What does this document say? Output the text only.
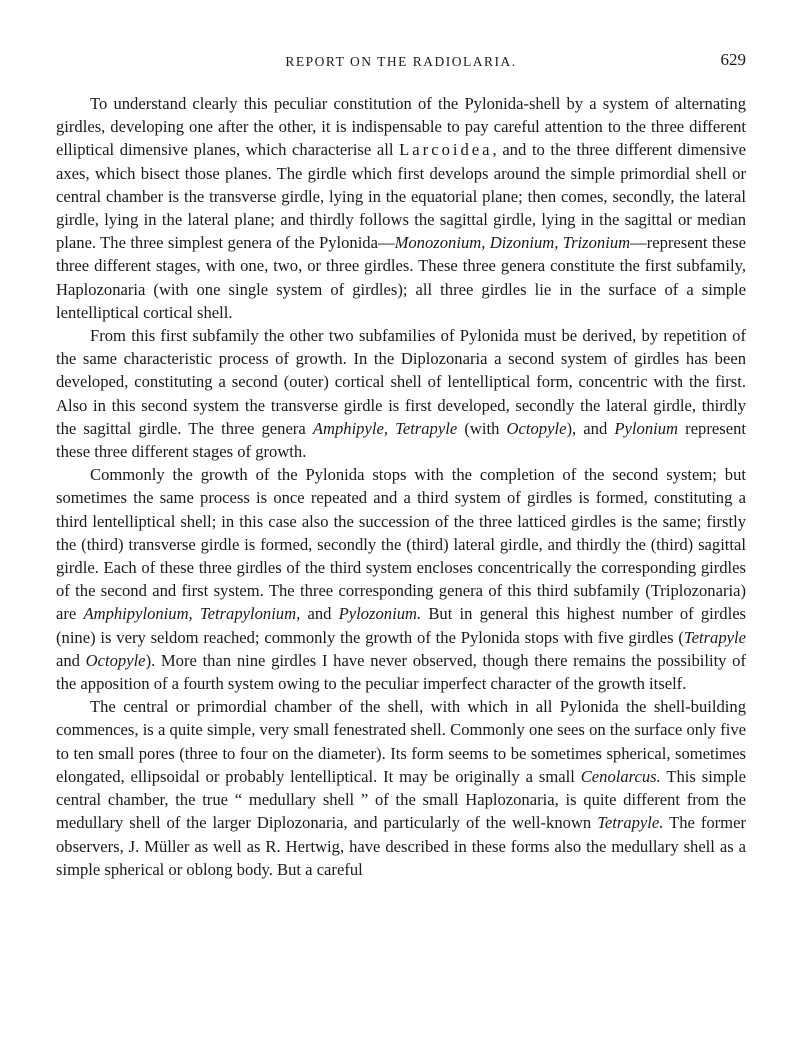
REPORT ON THE RADIOLARIA.	629

To understand clearly this peculiar constitution of the Pylonida-shell by a system of alternating girdles, developing one after the other, it is indispensable to pay careful attention to the three different elliptical dimensive planes, which characterise all Larcoidea, and to the three different dimensive axes, which bisect those planes. The girdle which first develops around the simple primordial shell or central chamber is the transverse girdle, lying in the equatorial plane; then comes, secondly, the lateral girdle, lying in the lateral plane; and thirdly follows the sagittal girdle, lying in the sagittal or median plane. The three simplest genera of the Pylonida—Monozonium, Dizonium, Trizonium—represent these three different stages, with one, two, or three girdles. These three genera constitute the first subfamily, Haplozonaria (with one single system of girdles); all three girdles lie in the surface of a simple lentelliptical cortical shell.

From this first subfamily the other two subfamilies of Pylonida must be derived, by repetition of the same characteristic process of growth. In the Diplozonaria a second system of girdles has been developed, constituting a second (outer) cortical shell of lentelliptical form, concentric with the first. Also in this second system the transverse girdle is first developed, secondly the lateral girdle, thirdly the sagittal girdle. The three genera Amphipyle, Tetrapyle (with Octopyle), and Pylonium represent these three different stages of growth.

Commonly the growth of the Pylonida stops with the completion of the second system; but sometimes the same process is once repeated and a third system of girdles is formed, constituting a third lentelliptical shell; in this case also the succession of the three latticed girdles is the same; firstly the (third) transverse girdle is formed, secondly the (third) lateral girdle, and thirdly the (third) sagittal girdle. Each of these three girdles of the third system encloses concentrically the corresponding girdles of the second and first system. The three corresponding genera of this third subfamily (Triplozonaria) are Amphipylonium, Tetrapylonium, and Pylozonium. But in general this highest number of girdles (nine) is very seldom reached; commonly the growth of the Pylonida stops with five girdles (Tetrapyle and Octopyle). More than nine girdles I have never observed, though there remains the possibility of the apposition of a fourth system owing to the peculiar imperfect character of the growth itself.

The central or primordial chamber of the shell, with which in all Pylonida the shell-building commences, is a quite simple, very small fenestrated shell. Commonly one sees on the surface only five to ten small pores (three to four on the diameter). Its form seems to be sometimes spherical, sometimes elongated, ellipsoidal or probably lentelliptical. It may be originally a small Cenolarcus. This simple central chamber, the true “ medullary shell ” of the small Haplozonaria, is quite different from the medullary shell of the larger Diplozonaria, and particularly of the well-known Tetrapyle. The former observers, J. Müller as well as R. Hertwig, have described in these forms also the medullary shell as a simple spherical or oblong body. But a careful
